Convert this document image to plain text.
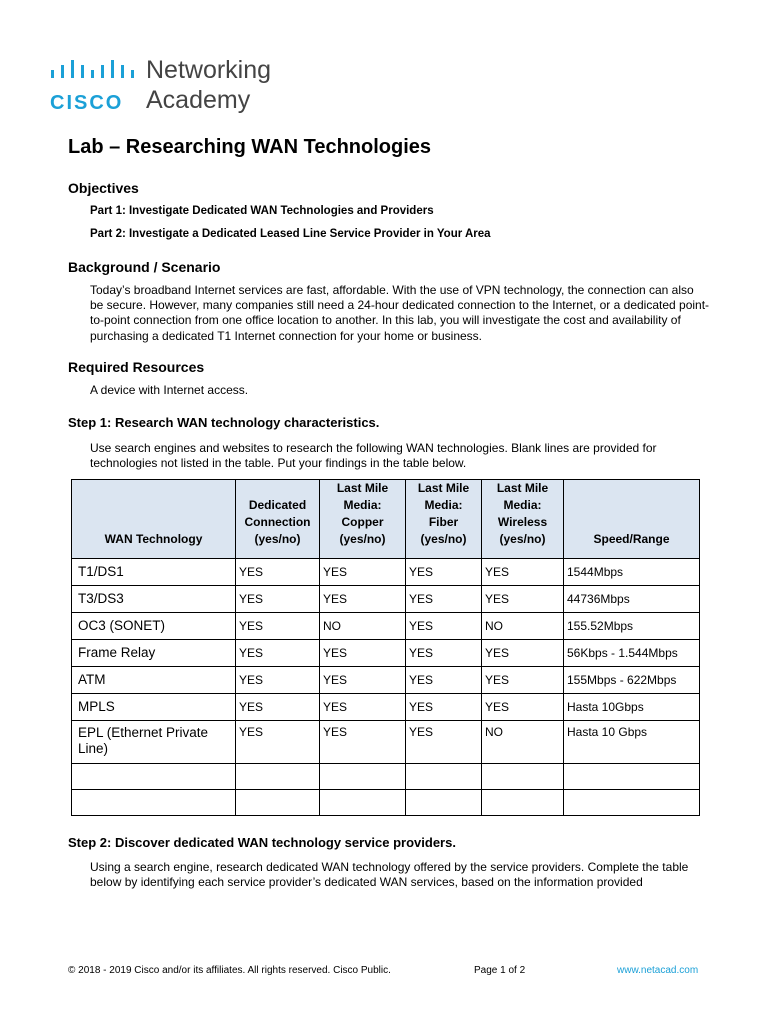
CISCO
Networking
Academy
Lab – Researching WAN Technologies
Objectives
Part 1: Investigate Dedicated WAN Technologies and Providers
Part 2: Investigate a Dedicated Leased Line Service Provider in Your Area
Background / Scenario
Today’s broadband Internet services are fast, affordable. With the use of VPN technology, the connection can also be secure. However, many companies still need a 24-hour dedicated connection to the Internet, or a dedicated point-to-point connection from one office location to another. In this lab, you will investigate the cost and availability of purchasing a dedicated T1 Internet connection for your home or business.
Required Resources
A device with Internet access.
Step 1: Research WAN technology characteristics.
Use search engines and websites to research the following WAN technologies. Blank lines are provided for technologies not listed in the table. Put your findings in the table below.
WAN Technology	Dedicated Connection (yes/no)	Last Mile Media: Copper (yes/no)	Last Mile Media: Fiber (yes/no)	Last Mile Media: Wireless (yes/no)	Speed/Range
T1/DS1	YES	YES	YES	YES	1544Mbps
T3/DS3	YES	YES	YES	YES	44736Mbps
OC3 (SONET)	YES	NO	YES	NO	155.52Mbps
Frame Relay	YES	YES	YES	YES	56Kbps - 1.544Mbps
ATM	YES	YES	YES	YES	155Mbps - 622Mbps
MPLS	YES	YES	YES	YES	Hasta 10Gbps
EPL (Ethernet Private Line)	YES	YES	YES	NO	Hasta 10 Gbps

Step 2: Discover dedicated WAN technology service providers.
Using a search engine, research dedicated WAN technology offered by the service providers. Complete the table below by identifying each service provider’s dedicated WAN services, based on the information provided
© 2018 - 2019 Cisco and/or its affiliates. All rights reserved. Cisco Public.	Page 1 of 2	www.netacad.com
